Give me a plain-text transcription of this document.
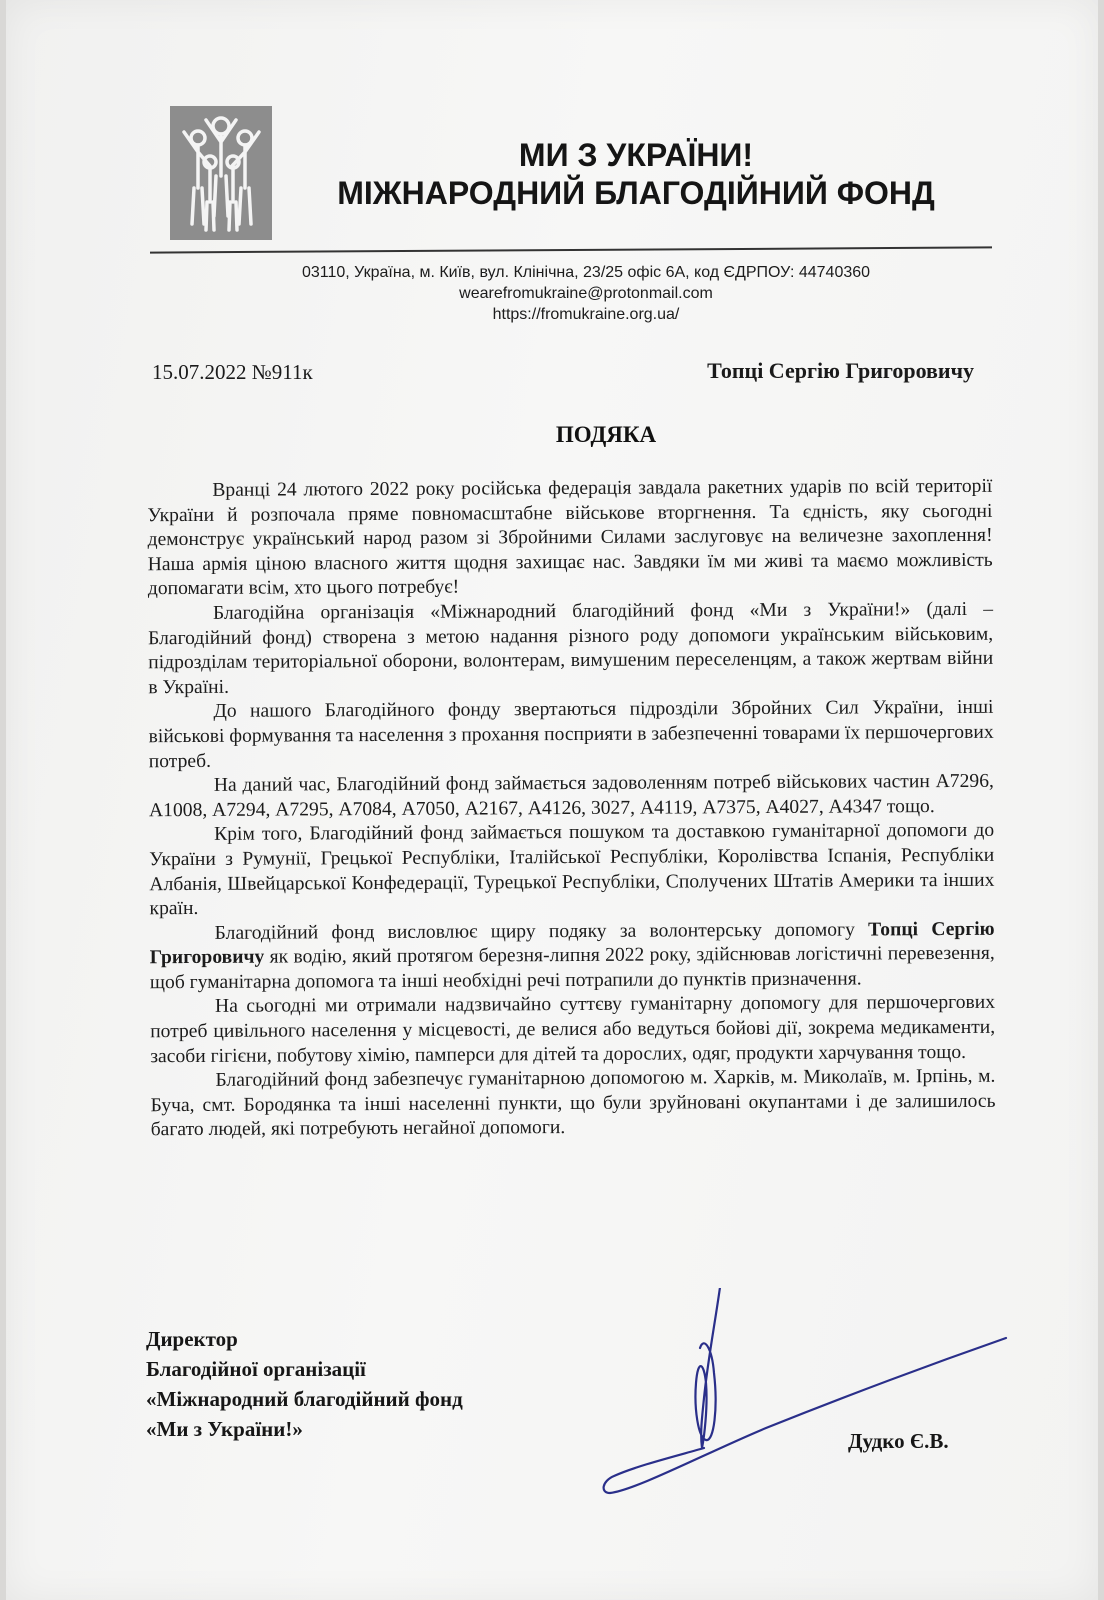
МИ З УКРАЇНИ!
МІЖНАРОДНИЙ БЛАГОДІЙНИЙ ФОНД
03110, Україна, м. Київ, вул. Клінічна, 23/25 офіс 6А, код ЄДРПОУ: 44740360
wearefromukraine@protonmail.com
https://fromukraine.org.ua/
15.07.2022 №911к	Топці Сергію Григоровичу
ПОДЯКА

Вранці 24 лютого 2022 року російська федерація завдала ракетних ударів по всій території України й розпочала пряме повномасштабне військове вторгнення. Та єдність, яку сьогодні демонструє український народ разом зі Збройними Силами заслуговує на величезне захоплення! Наша армія ціною власного життя щодня захищає нас. Завдяки їм ми живі та маємо можливість допомагати всім, хто цього потребує!

Благодійна організація «Міжнародний благодійний фонд «Ми з України!» (далі – Благодійний фонд) створена з метою надання різного роду допомоги українським військовим, підрозділам територіальної оборони, волонтерам, вимушеним переселенцям, а також жертвам війни в Україні.

До нашого Благодійного фонду звертаються підрозділи Збройних Сил України, інші військові формування та населення з прохання посприяти в забезпеченні товарами їх першочергових потреб.

На даний час, Благодійний фонд займається задоволенням потреб військових частин А7296, А1008, А7294, А7295, А7084, А7050, А2167, А4126, 3027, А4119, А7375, А4027, А4347 тощо.

Крім того, Благодійний фонд займається пошуком та доставкою гуманітарної допомоги до України з Румунії, Грецької Республіки, Італійської Республіки, Королівства Іспанія, Республіки Албанія, Швейцарської Конфедерації, Турецької Республіки, Сполучених Штатів Америки та інших країн.

Благодійний фонд висловлює щиру подяку за волонтерську допомогу Топці Сергію Григоровичу як водію, який протягом березня-липня 2022 року, здійснював логістичні перевезення, щоб гуманітарна допомога та інші необхідні речі потрапили до пунктів призначення.

На сьогодні ми отримали надзвичайно суттєву гуманітарну допомогу для першочергових потреб цивільного населення у місцевості, де велися або ведуться бойові дії, зокрема медикаменти, засоби гігієни, побутову хімію, памперси для дітей та дорослих, одяг, продукти харчування тощо.

Благодійний фонд забезпечує гуманітарною допомогою м. Харків, м. Миколаїв, м. Ірпінь, м. Буча, смт. Бородянка та інші населенні пункти, що були зруйновані окупантами і де залишилось багато людей, які потребують негайної допомоги.

Директор
Благодійної організації
«Міжнародний благодійний фонд
«Ми з України!»	Дудко Є.В.
